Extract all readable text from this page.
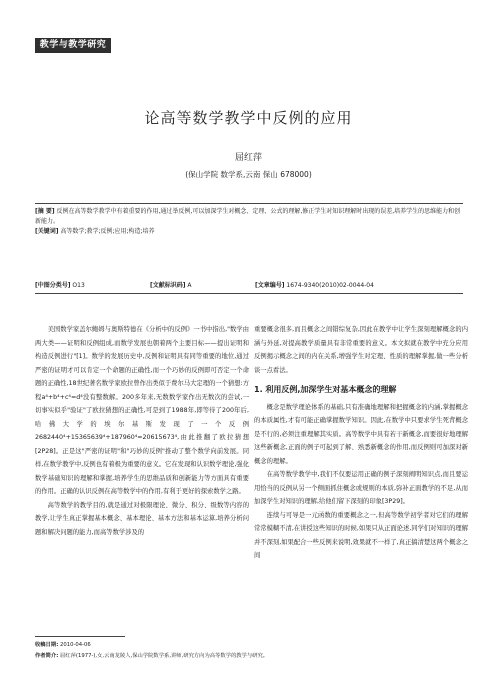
教学与教学研究
论高等数学教学中反例的应用
屈红萍
(保山学院 数学系,云南 保山 678000)

[摘 要] 反例在高等数学教学中有着重要的作用,通过举反例,可以加深学生对概念、定理、公式的理解,修正学生对知识理解时出现的误差,培养学生的思维能力和创新能力。

[关键词] 高等数学;教学;反例;应用;构造;培养

[中图分类号] O13	[文献标识码] A	[文章编号] 1674-9340(2010)02-0044-04

美国数学家盖尔鲍姆与奥斯特德在《分析中的反例》一书中指出,"数学由两大类——证明和反例组成,而数学发展也朝着两个主要目标——提出证明和构造反例进行"[1]。数学的发展历史中,反例和证明具有同等重要的地位,通过严密的证明才可以肯定一个命题的正确性,而一个巧妙的反例即可否定一个命题的正确性,18世纪著名数学家欧拉曾作出类似于费尔马大定理的一个猜想:方程a⁴+b⁴+c⁴=d⁴没有整数解。200多年来,无数数学家作出无数次的尝试,一切事实似乎"验证"了欧拉猜想的正确性,可是到了1988年,即等待了200年后,哈佛大学的埃尔基斯发现了一个反例2682440⁴+15365639⁴+187960⁴=20615673⁴,由此推翻了欧拉猜想[2P28]。正是这"严密的证明"和"巧妙的反例"推动了整个数学向前发展。同样,在数学教学中,反例也有着极为重要的意义。它在发现和认识数学理论,强化数学基础知识的理解和掌握,培养学生的思维品质和创新能力等方面具有重要的作用。正确的认识反例在高等数学中的作用,有利于更好的探索数学之路。

高等数学的教学目的,就是通过对极限理论、微分、积分、级数等内容的教学,让学生真正掌握基本概念、基本理论、基本方法和基本运算,培养分析问题和解决问题的能力,而高等数学涉及的

重要概念很多,而且概念之间错综复杂,因此在教学中让学生深刻理解概念的内涵与外延,对提高教学质量具有非常重要的意义。本文拟就在教学中充分应用反例揭示概念之间的内在关系,增强学生对定理、性质的理解掌握,做一些分析谈一点看法。

1. 利用反例,加深学生对基本概念的理解

概念是数学理论体系的基础,只有准确地理解和把握概念的内涵,掌握概念的本质属性,才有可能正确掌握数学知识。因此,在数学中只要求学生死背概念是不行的,必须注重理解其实质。高等数学中具有若干新概念,而要很好地理解这些新概念,正面的例子可起到了解、熟悉新概念的作用,而反例则可加深对新概念的理解。

在高等数学教学中,我们不仅要运用正确的例子深刻阐明知识点,而且要运用恰当的反例从另一个侧面抓住概念或规则的本质,弥补正面教学的不足,从而加深学生对知识的理解,给他们留下深刻的印象[3P29]。

连续与可导是一元函数的重要概念之一,但高等数学初学者对它们的理解常常模糊不清,在讲授这些知识的时候,如果只从正面论述,同学们对知识的理解并不深刻,如果配合一些反例来说明,效果就不一样了,真正搞清楚这两个概念之间

收稿日期: 2010-04-06
作者简介: 屈红萍(1977-),女,云南龙陵人,保山学院数学系,讲师,研究方向为高等数学的教学与研究。
